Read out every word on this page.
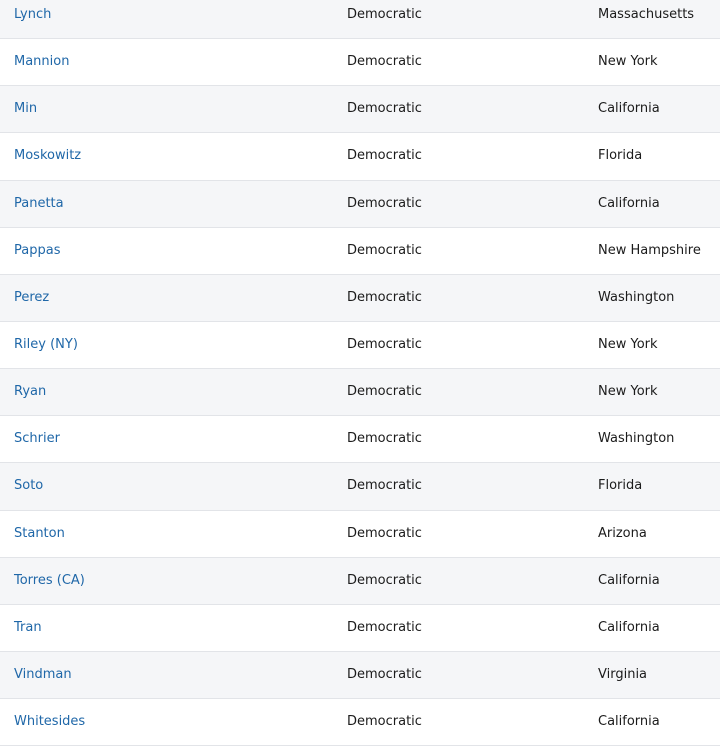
Lynch	Democratic	Massachusetts
Mannion	Democratic	New York
Min	Democratic	California
Moskowitz	Democratic	Florida
Panetta	Democratic	California
Pappas	Democratic	New Hampshire
Perez	Democratic	Washington
Riley (NY)	Democratic	New York
Ryan	Democratic	New York
Schrier	Democratic	Washington
Soto	Democratic	Florida
Stanton	Democratic	Arizona
Torres (CA)	Democratic	California
Tran	Democratic	California
Vindman	Democratic	Virginia
Whitesides	Democratic	California
